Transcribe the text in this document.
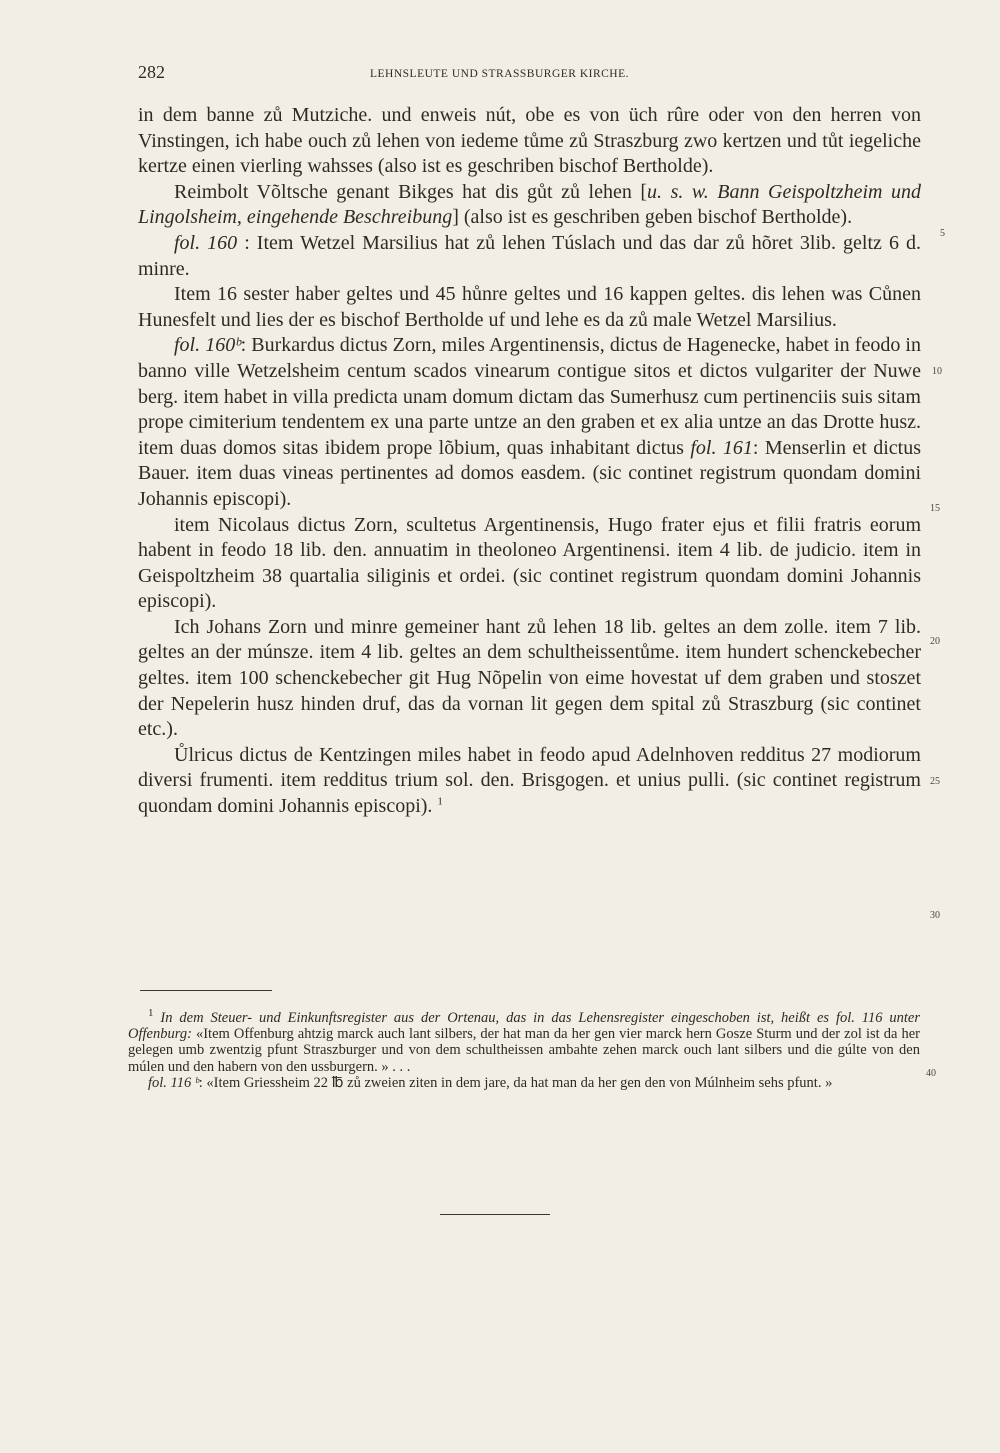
282	LEHNSLEUTE UND STRASSBURGER KIRCHE.

in dem banne zů Mutziche. und enweis nút, obe es von üch rûre oder von den herren von Vinstingen, ich habe ouch zů lehen von iedeme tůme zů Straszburg zwo kertzen und tůt iegeliche kertze einen vierling wahsses (also ist es geschriben bischof Bertholde).

Reimbolt Võltsche genant Bikges hat dis gůt zů lehen [u. s. w. Bann Geispoltzheim und Lingolsheim, eingehende Beschreibung] (also ist es geschriben geben bischof Bertholde).

fol. 160 : Item Wetzel Marsilius hat zů lehen Túslach und das dar zů hõret 3lib. geltz 6 d. minre.

Item 16 sester haber geltes und 45 hůnre geltes und 16 kappen geltes. dis lehen was Cůnen Hunesfelt und lies der es bischof Bertholde uf und lehe es da zů male Wetzel Marsilius.

fol. 160ᵇ: Burkardus dictus Zorn, miles Argentinensis, dictus de Hagenecke, habet in feodo in banno ville Wetzelsheim centum scados vinearum contigue sitos et dictos vulgariter der Nuwe berg. item habet in villa predicta unam domum dictam das Sumerhusz cum pertinenciis suis sitam prope cimiterium tendentem ex una parte untze an den graben et ex alia untze an das Drotte husz. item duas domos sitas ibidem prope lõbium, quas inhabitant dictus fol. 161: Menserlin et dictus Bauer. item duas vineas pertinentes ad domos easdem. (sic continet registrum quondam domini Johannis episcopi).

item Nicolaus dictus Zorn, scultetus Argentinensis, Hugo frater ejus et filii fratris eorum habent in feodo 18 lib. den. annuatim in theoloneo Argentinensi. item 4 lib. de judicio. item in Geispoltzheim 38 quartalia siliginis et ordei. (sic continet registrum quondam domini Johannis episcopi).

Ich Johans Zorn und minre gemeiner hant zů lehen 18 lib. geltes an dem zolle. item 7 lib. geltes an der múnsze. item 4 lib. geltes an dem schultheissentůme. item hundert schenckebecher geltes. item 100 schenckebecher git Hug Nõpelin von eime hovestat uf dem graben und stoszet der Nepelerin husz hinden druf, das da vornan lit gegen dem spital zů Straszburg (sic continet etc.).

Ůlricus dictus de Kentzingen miles habet in feodo apud Adelnhoven redditus 27 modiorum diversi frumenti. item redditus trium sol. den. Brisgogen. et unius pulli. (sic continet registrum quondam domini Johannis episcopi). $^1$

5
10
15
20
25
30
40

$^1$ In dem Steuer- und Einkunftsregister aus der Ortenau, das in das Lehensregister eingeschoben ist, heißt es fol. 116 unter Offenburg: «Item Offenburg ahtzig marck auch lant silbers, der hat man da her gen vier marck hern Gosze Sturm und der zol ist da her gelegen umb zwentzig pfunt Straszburger und von dem schultheissen ambahte zehen marck ouch lant silbers und die gúlte von den múlen und den habern von den ussburgern. » . . .

fol. 116 ᵇ: «Item Griessheim 22 ℔ zů zweien ziten in dem jare, da hat man da her gen den von Múlnheim sehs pfunt. »
